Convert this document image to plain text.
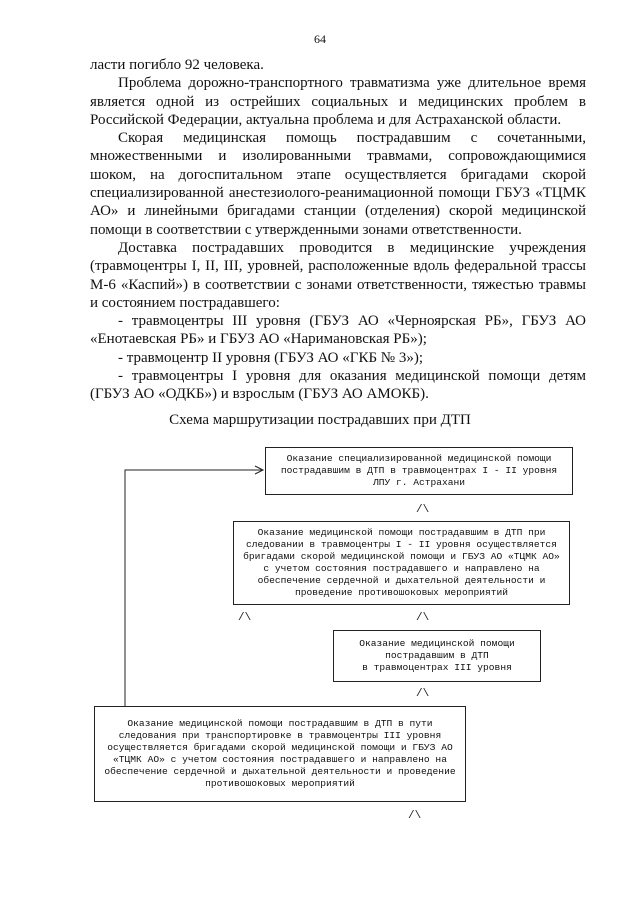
64

ласти погибло 92 человека.

Проблема дорожно-транспортного травматизма уже длительное время является одной из острейших социальных и медицинских проблем в Российской Федерации, актуальна проблема и для Астраханской области.

Скорая медицинская помощь пострадавшим с сочетанными, множественными и изолированными травмами, сопровождающимися шоком, на догоспитальном этапе осуществляется бригадами скорой специализированной анестезиолого-реанимационной помощи ГБУЗ «ТЦМК АО» и линейными бригадами станции (отделения) скорой медицинской помощи в соответствии с утвержденными зонами ответственности.

Доставка пострадавших проводится в медицинские учреждения (травмоцентры I, II, III, уровней, расположенные вдоль федеральной трассы М-6 «Каспий») в соответствии с зонами ответственности, тяжестью травмы и состоянием пострадавшего:

- травмоцентры III уровня (ГБУЗ АО «Черноярская РБ», ГБУЗ АО «Енотаевская РБ» и ГБУЗ АО «Наримановская РБ»);

- травмоцентр II уровня (ГБУЗ АО «ГКБ № 3»);

- травмоцентры I уровня для оказания медицинской помощи детям (ГБУЗ АО «ОДКБ») и взрослым (ГБУЗ АО АМОКБ).

Схема маршрутизации пострадавших при ДТП
Оказание специализированной медицинской помощи пострадавшим в ДТП в травмоцентрах I - II уровня ЛПУ г. Астрахани
/\
Оказание медицинской помощи пострадавшим в ДТП при следовании в травмоцентры I - II уровня осуществляется бригадами скорой медицинской помощи и ГБУЗ АО «ТЦМК АО» с учетом состояния пострадавшего и направлено на обеспечение сердечной и дыхательной деятельности и проведение противошоковых мероприятий
/\	/\
Оказание медицинской помощи
пострадавшим в ДТП
в травмоцентрах III уровня
/\
Оказание медицинской помощи пострадавшим в ДТП в пути следования при транспортировке в травмоцентры III уровня осуществляется бригадами скорой медицинской помощи и ГБУЗ АО «ТЦМК АО» с учетом состояния пострадавшего и направлено на обеспечение сердечной и дыхательной деятельности и проведение противошоковых мероприятий
/\
